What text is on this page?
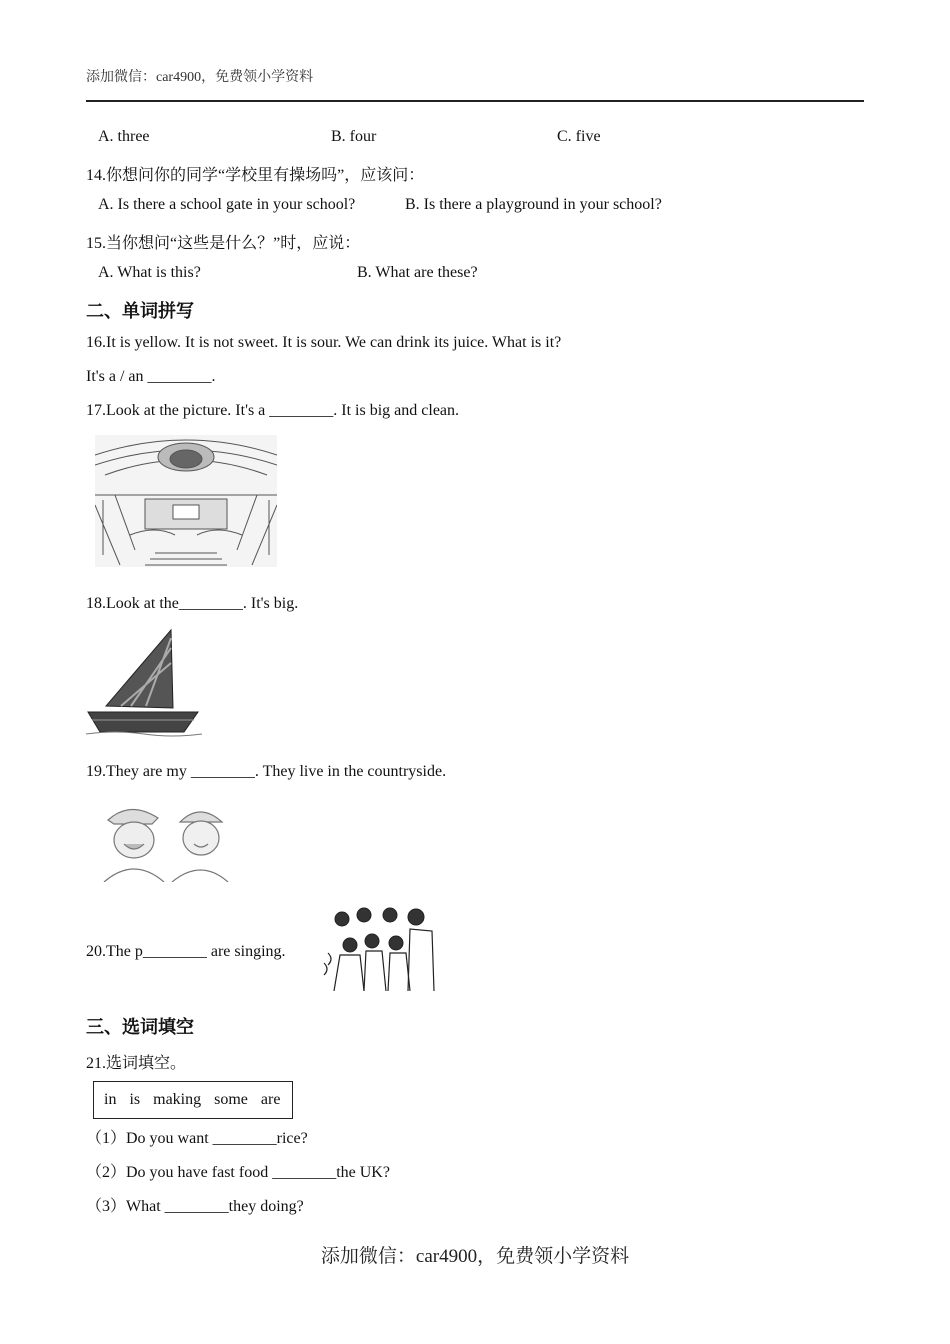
添加微信：car4900，免费领小学资料
A. three	B. four	C. five
14.你想问你的同学“学校里有操场吗”，应该问：
A. Is there a school gate in your school?	B. Is there a playground in your school?
15.当你想问“这些是什么？”时，应说：
A. What is this?	B. What are these?
二、单词拼写
16.It is yellow. It is not sweet. It is sour. We can drink its juice. What is it?
It's a / an ________.
17.Look at the picture. It's a ________. It is big and clean.
18.Look at the________. It's big.
19.They are my ________. They live in the countryside.
20.The p________ are singing.
三、选词填空
21.选词填空。
in is making some are
（1）Do you want ________rice?
（2）Do you have fast food ________the UK?
（3）What ________they doing?
添加微信：car4900，免费领小学资料
